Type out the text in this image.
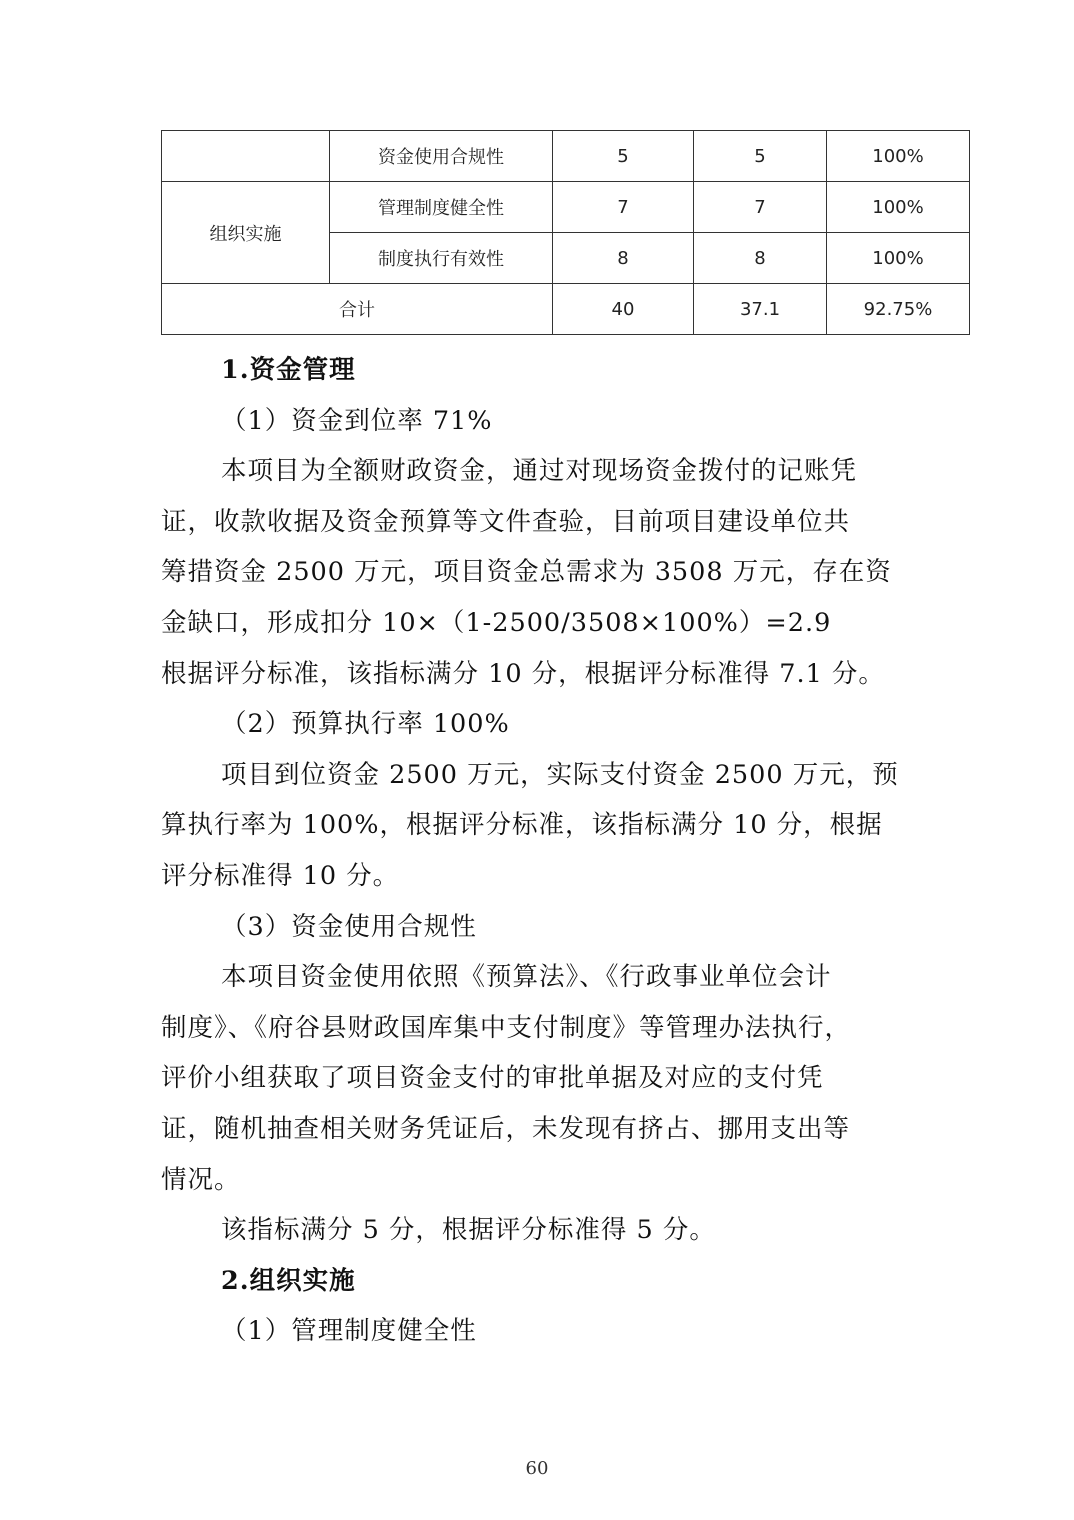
	资金使用合规性	5	5	100%
组织实施	管理制度健全性	7	7	100%
	制度执行有效性	8	8	100%
合计		40	37.1	92.75%
1.资金管理
（1）资金到位率 71%
本项目为全额财政资金，通过对现场资金拨付的记账凭
证，收款收据及资金预算等文件查验，目前项目建设单位共
筹措资金 2500 万元，项目资金总需求为 3508 万元，存在资
金缺口，形成扣分 10×（1-2500/3508×100%）=2.9
根据评分标准，该指标满分 10 分，根据评分标准得 7.1 分。
（2）预算执行率 100%
项目到位资金 2500 万元，实际支付资金 2500 万元，预
算执行率为 100%，根据评分标准，该指标满分 10 分，根据
评分标准得 10 分。
（3）资金使用合规性
本项目资金使用依照《预算法》、《行政事业单位会计
制度》、《府谷县财政国库集中支付制度》等管理办法执行，
评价小组获取了项目资金支付的审批单据及对应的支付凭
证，随机抽查相关财务凭证后，未发现有挤占、挪用支出等
情况。
该指标满分 5 分，根据评分标准得 5 分。
2.组织实施
（1）管理制度健全性
60
